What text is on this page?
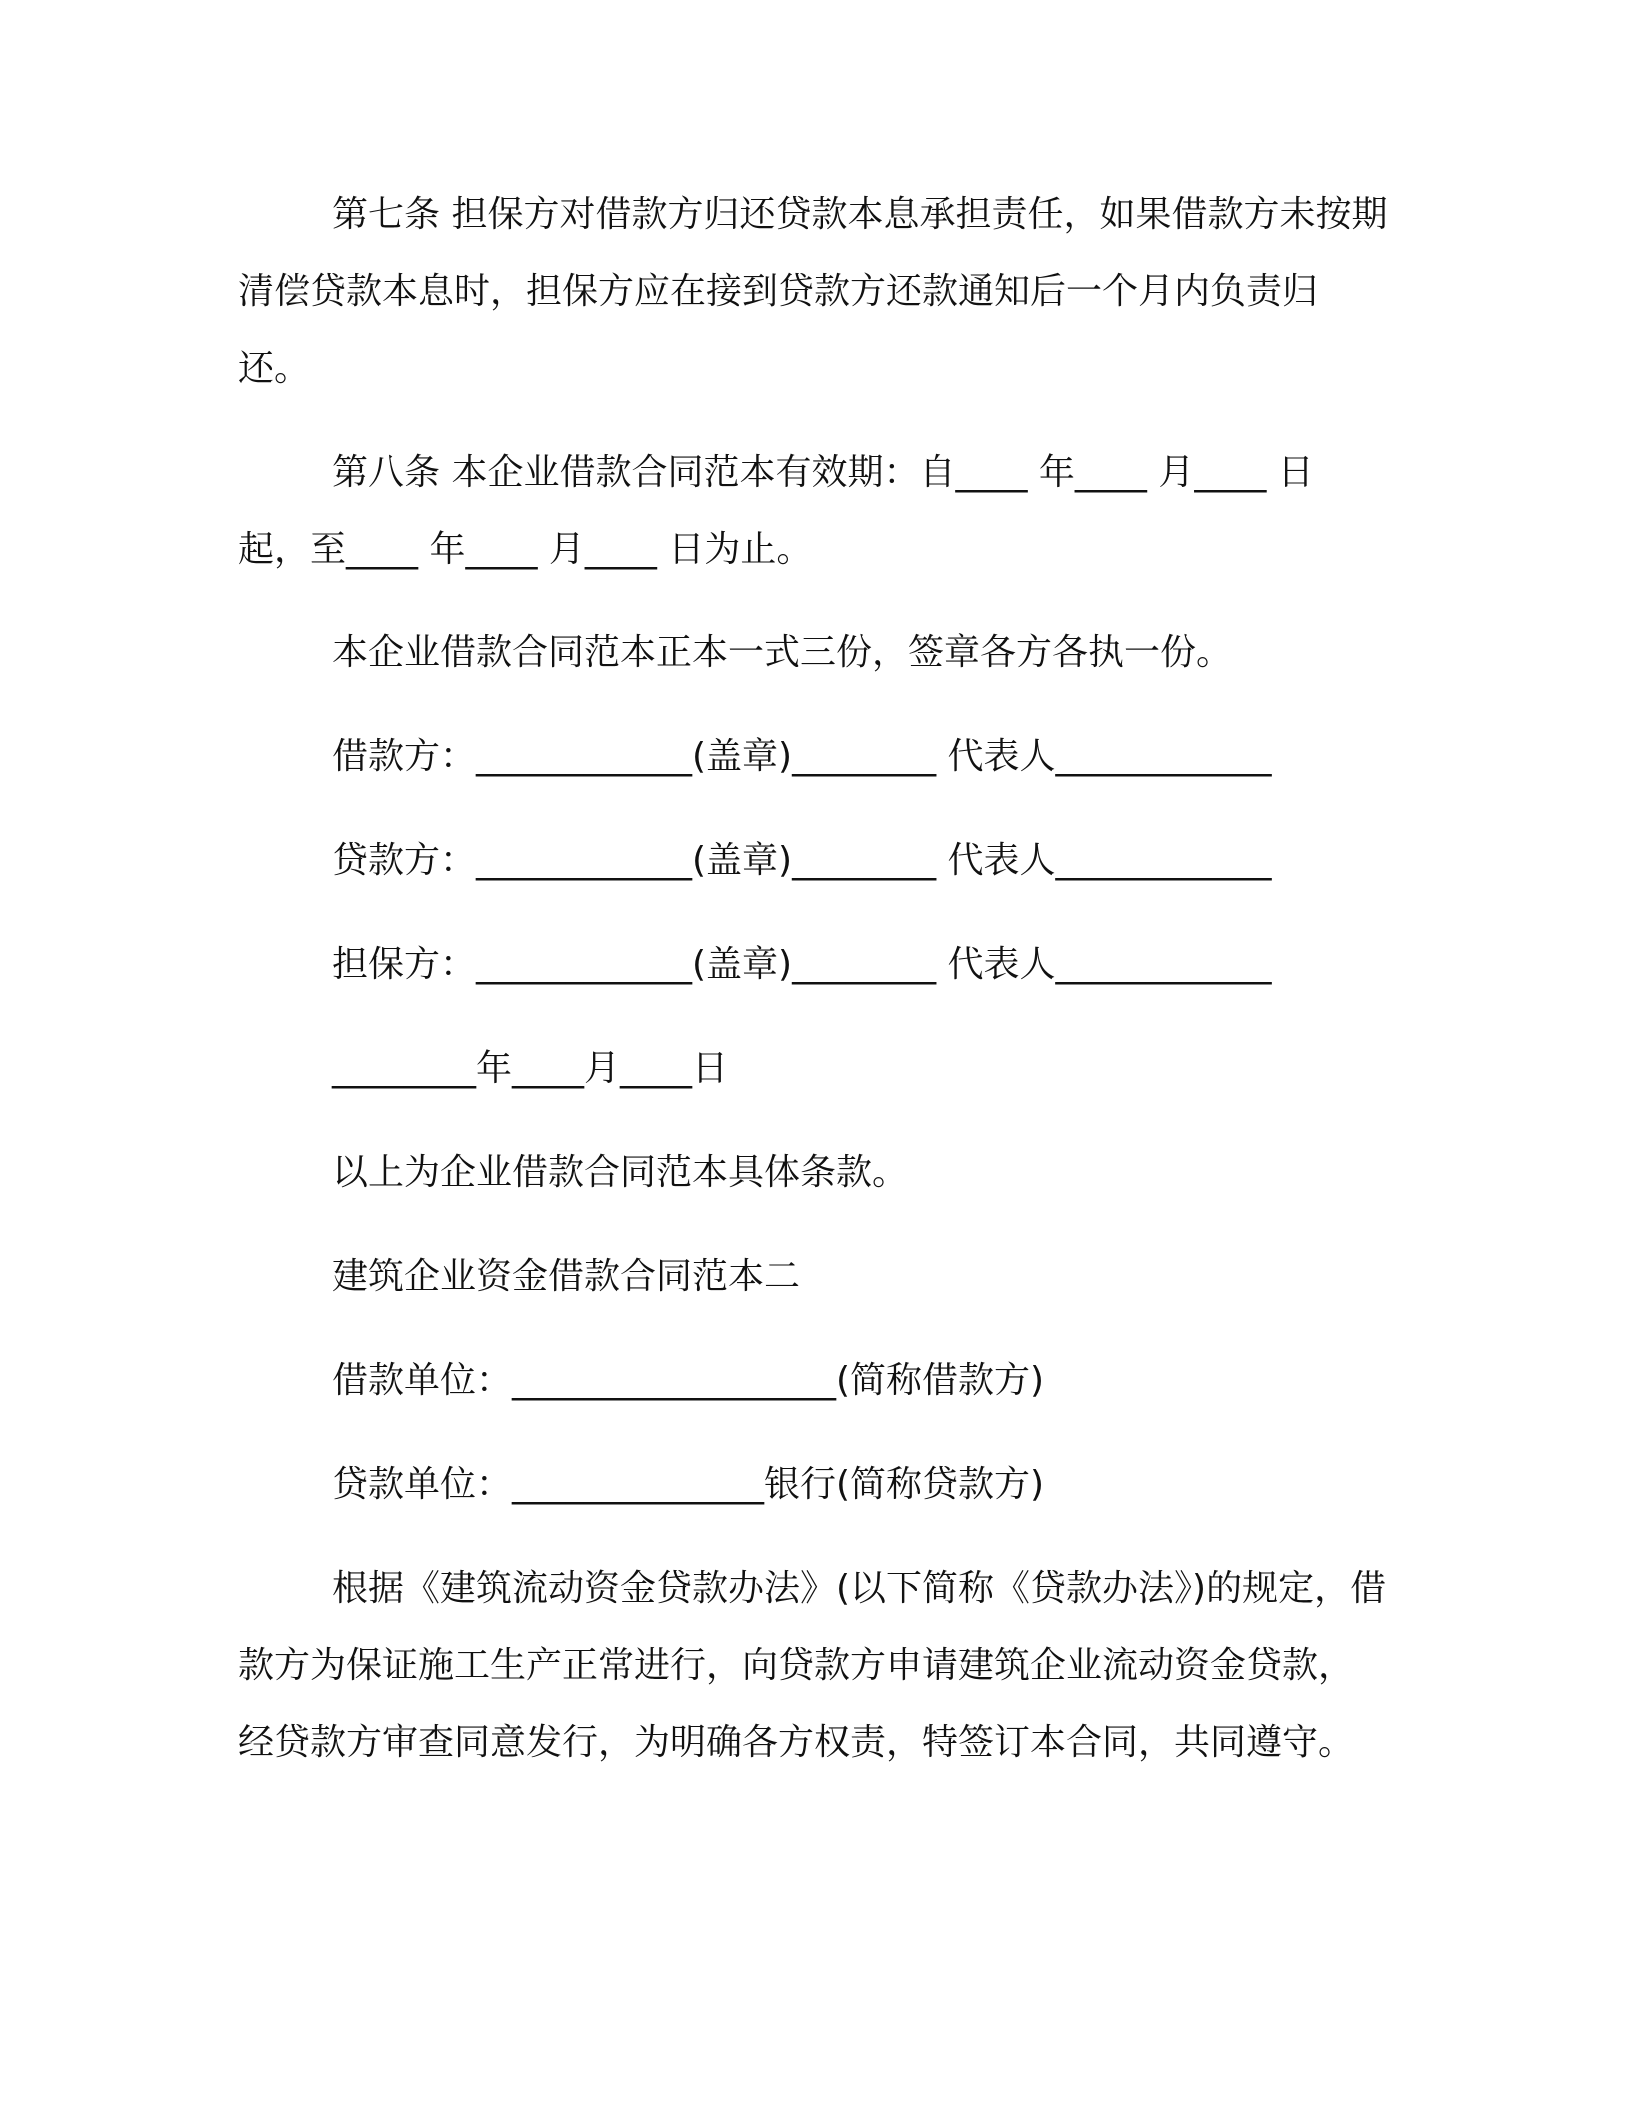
第七条 担保方对借款方归还贷款本息承担责任，如果借款方未按期清偿贷款本息时，担保方应在接到贷款方还款通知后一个月内负责归还。
第八条 本企业借款合同范本有效期：自____ 年____ 月____ 日
起，至____ 年____ 月____ 日为止。
本企业借款合同范本正本一式三份，签章各方各执一份。
借款方：____________(盖章)________ 代表人____________
贷款方：____________(盖章)________ 代表人____________
担保方：____________(盖章)________ 代表人____________
________年____月____日
以上为企业借款合同范本具体条款。
建筑企业资金借款合同范本二
借款单位：__________________(简称借款方)
贷款单位：______________银行(简称贷款方)
根据《建筑流动资金贷款办法》(以下简称《贷款办法》)的规定，借款方为保证施工生产正常进行，向贷款方申请建筑企业流动资金贷款，经贷款方审查同意发行，为明确各方权责，特签订本合同，共同遵守。
